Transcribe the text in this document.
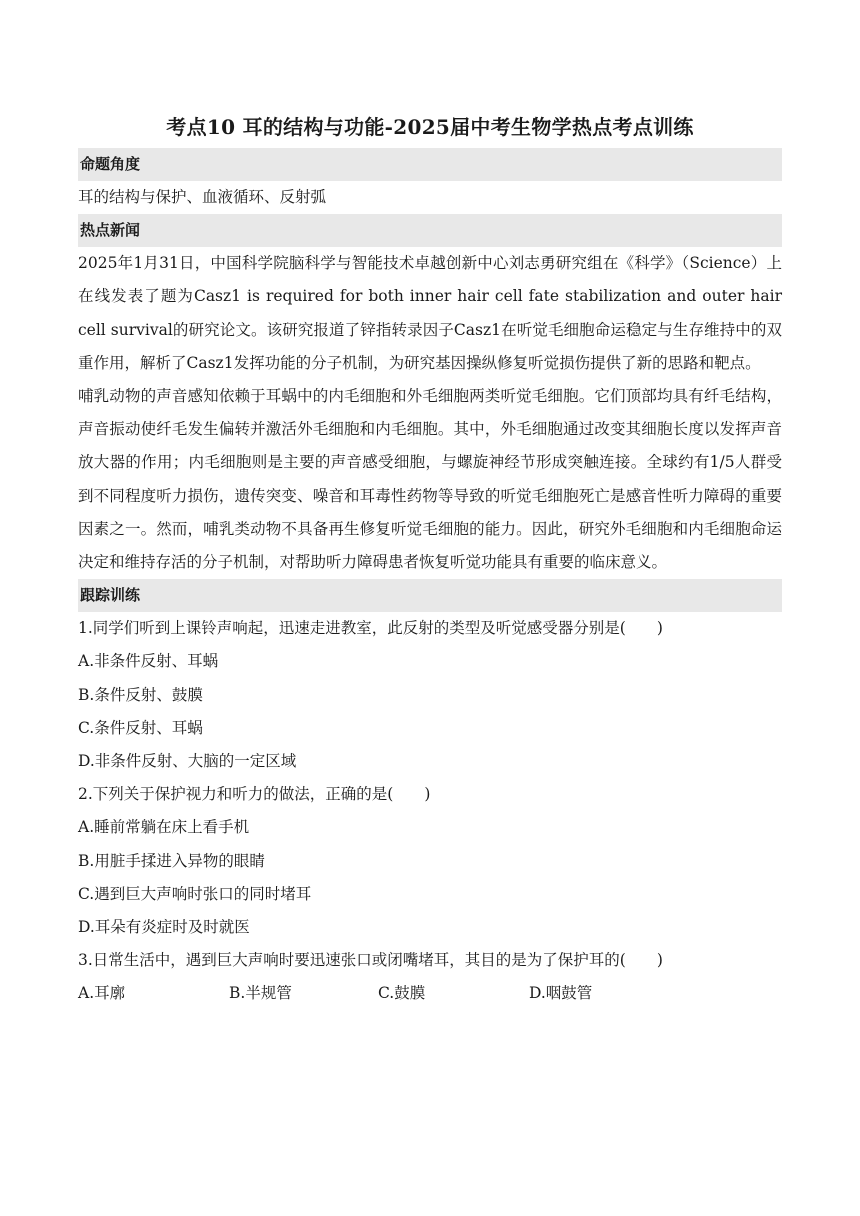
考点10 耳的结构与功能-2025届中考生物学热点考点训练
命题角度

耳的结构与保护、血液循环、反射弧

热点新闻

2025年1月31日，中国科学院脑科学与智能技术卓越创新中心刘志勇研究组在《科学》（Science）上在线发表了题为Casz1 is required for both inner hair cell fate stabilization and outer hair cell survival的研究论文。该研究报道了锌指转录因子Casz1在听觉毛细胞命运稳定与生存维持中的双重作用，解析了Casz1发挥功能的分子机制，为研究基因操纵修复听觉损伤提供了新的思路和靶点。

哺乳动物的声音感知依赖于耳蜗中的内毛细胞和外毛细胞两类听觉毛细胞。它们顶部均具有纤毛结构，声音振动使纤毛发生偏转并激活外毛细胞和内毛细胞。其中，外毛细胞通过改变其细胞长度以发挥声音放大器的作用；内毛细胞则是主要的声音感受细胞，与螺旋神经节形成突触连接。全球约有1/5人群受到不同程度听力损伤，遗传突变、噪音和耳毒性药物等导致的听觉毛细胞死亡是感音性听力障碍的重要因素之一。然而，哺乳类动物不具备再生修复听觉毛细胞的能力。因此，研究外毛细胞和内毛细胞命运决定和维持存活的分子机制，对帮助听力障碍患者恢复听觉功能具有重要的临床意义。

跟踪训练

1.同学们听到上课铃声响起，迅速走进教室，此反射的类型及听觉感受器分别是(　　)

A.非条件反射、耳蜗

B.条件反射、鼓膜

C.条件反射、耳蜗

D.非条件反射、大脑的一定区域

2.下列关于保护视力和听力的做法，正确的是(　　)

A.睡前常躺在床上看手机

B.用脏手揉进入异物的眼睛

C.遇到巨大声响时张口的同时堵耳

D.耳朵有炎症时及时就医

3.日常生活中，遇到巨大声响时要迅速张口或闭嘴堵耳，其目的是为了保护耳的(　　)

A.耳廓	B.半规管	C.鼓膜	D.咽鼓管
